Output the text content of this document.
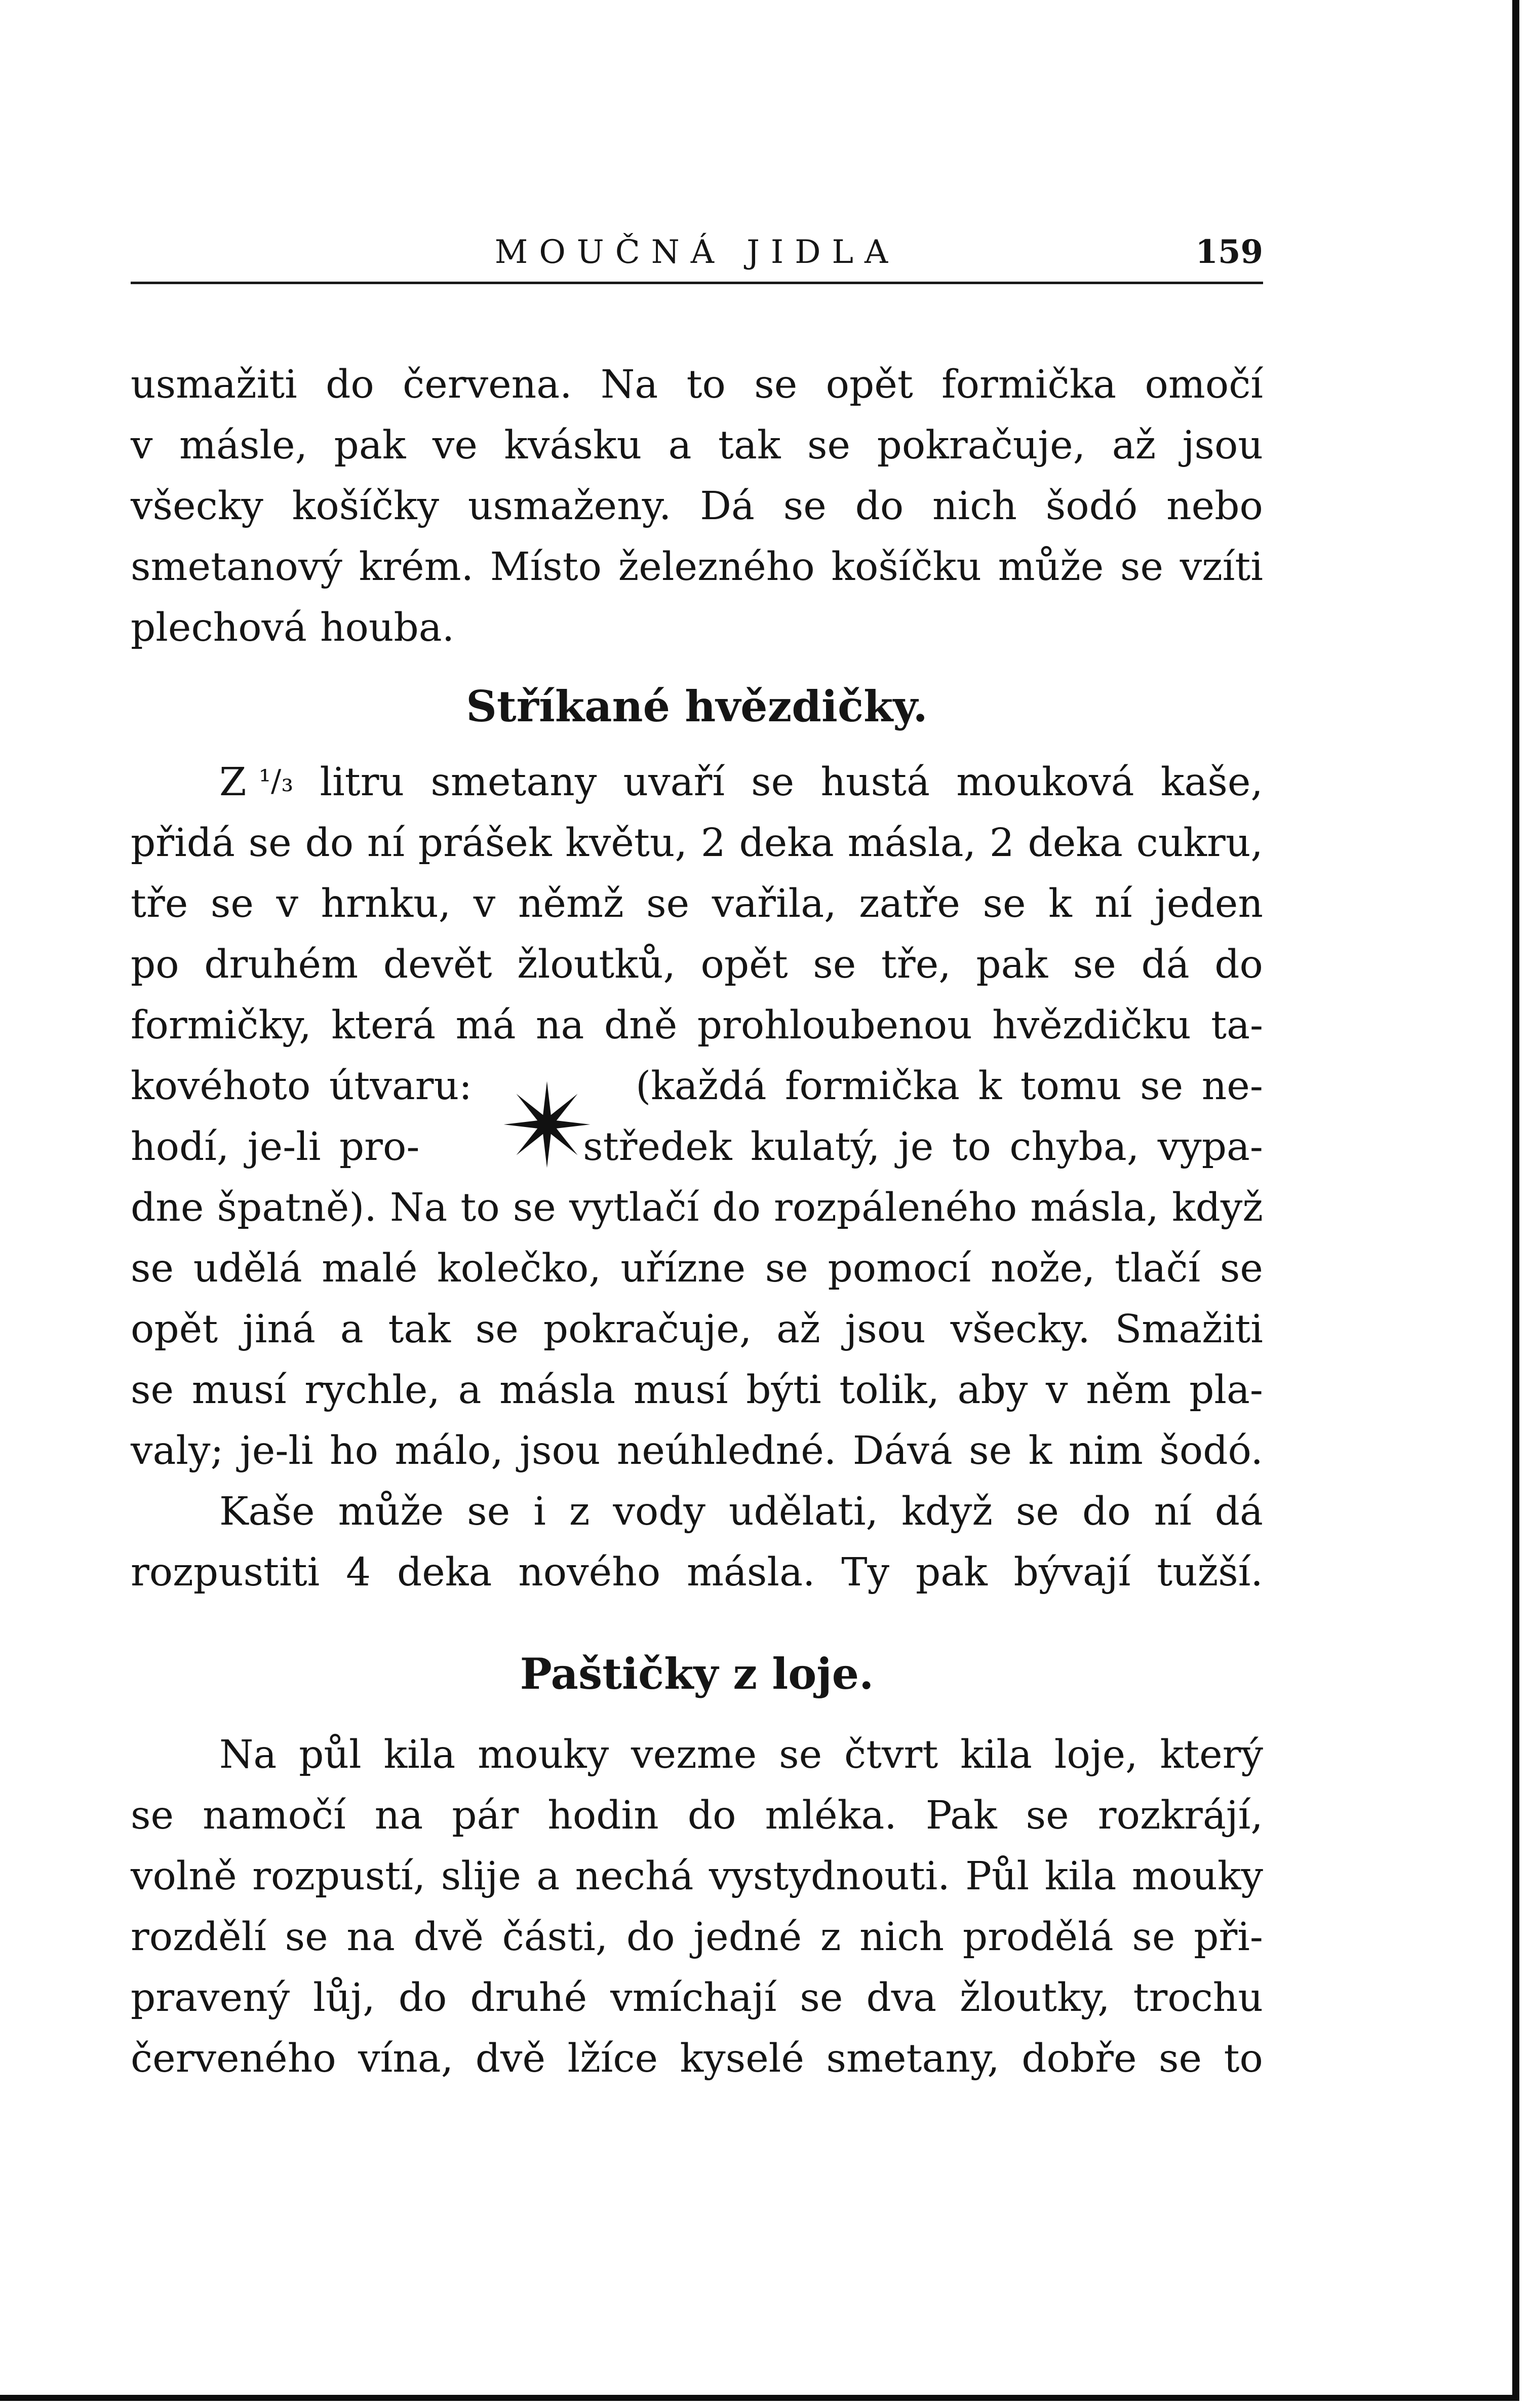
MOUČNÁ JIDLA	159
usmažiti do červena. Na to se opět formička omočí
v másle, pak ve kvásku a tak se pokračuje, až jsou
všecky košíčky usmaženy. Dá se do nich šodó nebo
smetanový krém. Místo železného košíčku může se vzíti
plechová houba.
Stříkané hvězdičky.
Z ¹/₃ litru smetany uvaří se hustá mouková kaše,
přidá se do ní prášek květu, 2 deka másla, 2 deka cukru,
tře se v hrnku, v němž se vařila, zatře se k ní jeden
po druhém devět žloutků, opět se tře, pak se dá do
formičky, která má na dně prohloubenou hvězdičku ta-
kovéhoto útvaru:	(každá formička k tomu se ne-
hodí, je-li pro-	středek kulatý, je to chyba, vypa-
dne špatně). Na to se vytlačí do rozpáleného másla, když
se udělá malé kolečko, uřízne se pomocí nože, tlačí se
opět jiná a tak se pokračuje, až jsou všecky. Smažiti
se musí rychle, a másla musí býti tolik, aby v něm pla-
valy; je-li ho málo, jsou neúhledné. Dává se k nim šodó.
Kaše může se i z vody udělati, když se do ní dá
rozpustiti 4 deka nového másla. Ty pak bývají tužší.
Paštičky z loje.
Na půl kila mouky vezme se čtvrt kila loje, který
se namočí na pár hodin do mléka. Pak se rozkrájí,
volně rozpustí, slije a nechá vystydnouti. Půl kila mouky
rozdělí se na dvě části, do jedné z nich prodělá se při-
pravený lůj, do druhé vmíchají se dva žloutky, trochu
červeného vína, dvě lžíce kyselé smetany, dobře se to
